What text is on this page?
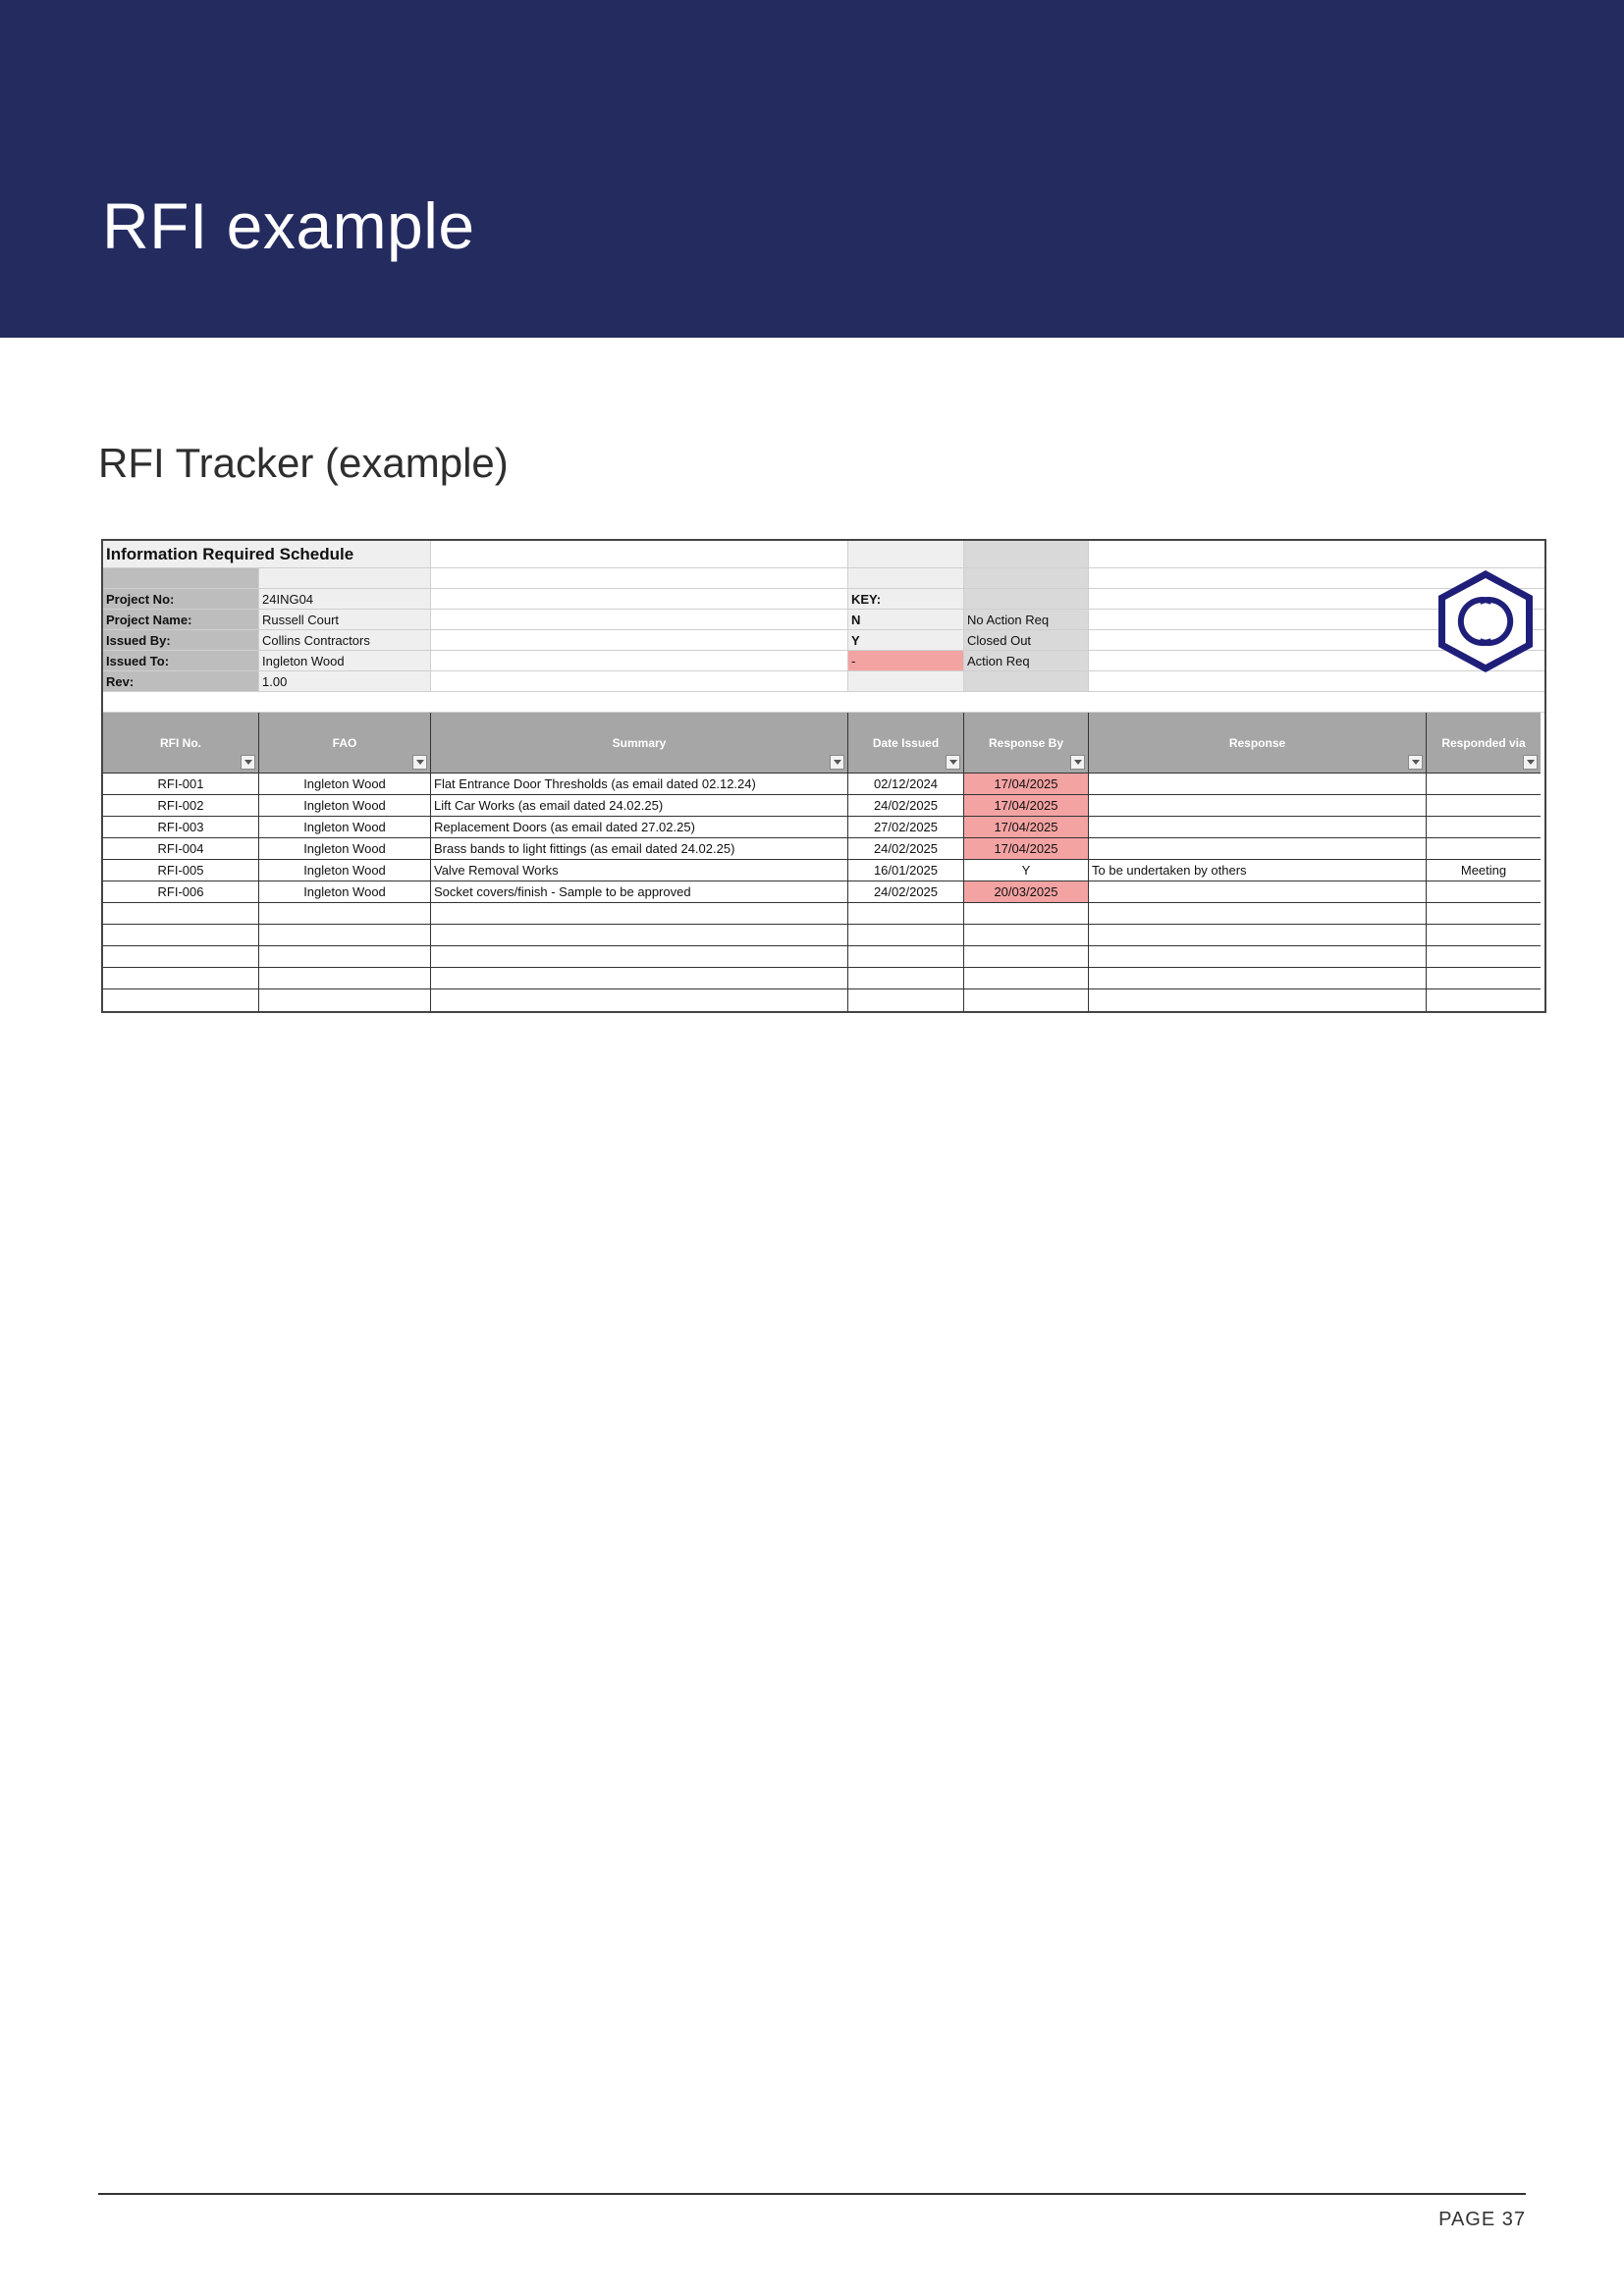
RFI example
RFI Tracker (example)
Information Required Schedule
Project No:	24ING04	KEY:
Project Name:	Russell Court	N	No Action Req
Issued By:	Collins Contractors	Y	Closed Out
Issued To:	Ingleton Wood	-	Action Req
Rev:	1.00
RFI No.	FAO	Summary	Date Issued	Response By	Response	Responded via
RFI-001	Ingleton Wood	Flat Entrance Door Thresholds (as email dated 02.12.24)	02/12/2024	17/04/2025
RFI-002	Ingleton Wood	Lift Car Works (as email dated 24.02.25)	24/02/2025	17/04/2025
RFI-003	Ingleton Wood	Replacement Doors (as email dated 27.02.25)	27/02/2025	17/04/2025
RFI-004	Ingleton Wood	Brass bands to light fittings (as email dated 24.02.25)	24/02/2025	17/04/2025
RFI-005	Ingleton Wood	Valve Removal Works	16/01/2025	Y	To be undertaken by others	Meeting
RFI-006	Ingleton Wood	Socket covers/finish - Sample to be approved	24/02/2025	20/03/2025
PAGE 37
